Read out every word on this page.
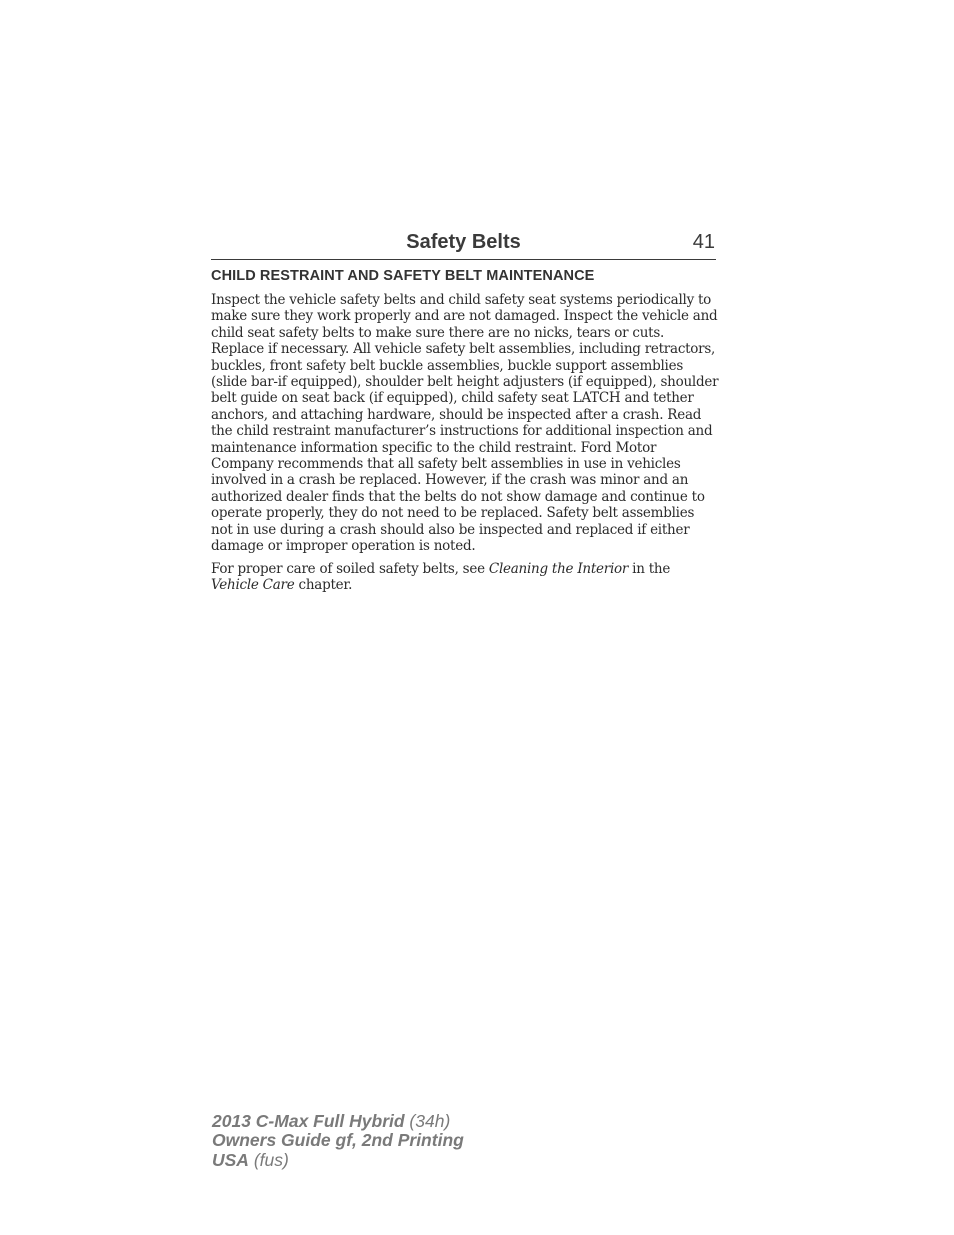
Safety Belts	41
CHILD RESTRAINT AND SAFETY BELT MAINTENANCE

Inspect the vehicle safety belts and child safety seat systems periodically to make sure they work properly and are not damaged. Inspect the vehicle and child seat safety belts to make sure there are no nicks, tears or cuts. Replace if necessary. All vehicle safety belt assemblies, including retractors, buckles, front safety belt buckle assemblies, buckle support assemblies (slide bar-if equipped), shoulder belt height adjusters (if equipped), shoulder belt guide on seat back (if equipped), child safety seat LATCH and tether anchors, and attaching hardware, should be inspected after a crash. Read the child restraint manufacturer’s instructions for additional inspection and maintenance information specific to the child restraint. Ford Motor Company recommends that all safety belt assemblies in use in vehicles involved in a crash be replaced. However, if the crash was minor and an authorized dealer finds that the belts do not show damage and continue to operate properly, they do not need to be replaced. Safety belt assemblies not in use during a crash should also be inspected and replaced if either damage or improper operation is noted.

For proper care of soiled safety belts, see Cleaning the Interior in the Vehicle Care chapter.

2013 C-Max Full Hybrid (34h)
Owners Guide gf, 2nd Printing
USA (fus)
